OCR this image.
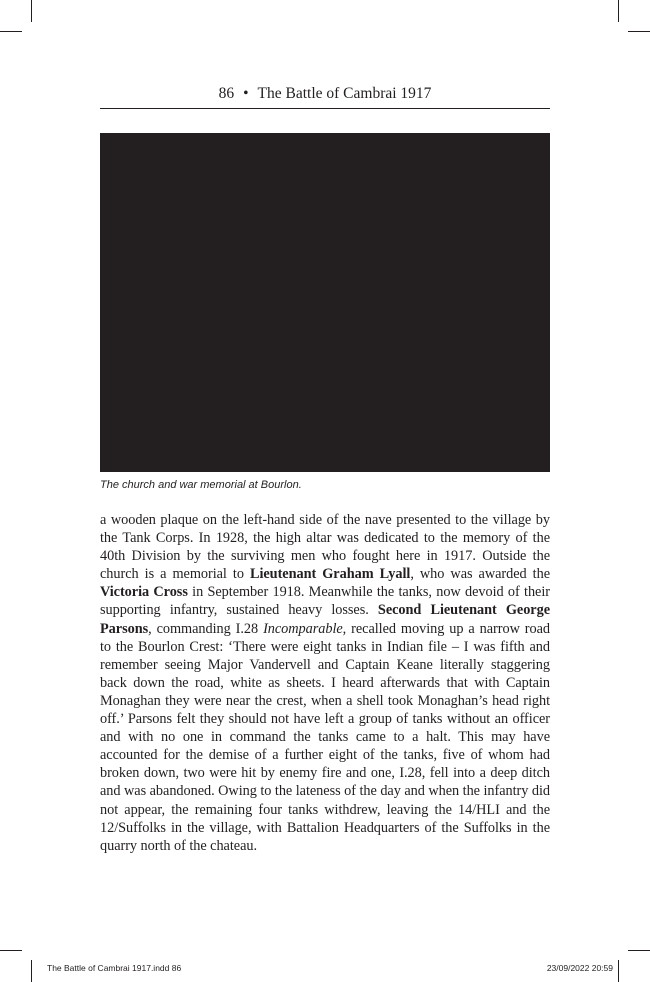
86 • The Battle of Cambrai 1917
The church and war memorial at Bourlon.
a wooden plaque on the left-hand side of the nave presented to the village by the Tank Corps. In 1928, the high altar was dedicated to the memory of the 40th Division by the surviving men who fought here in 1917. Outside the church is a memorial to Lieutenant Graham Lyall, who was awarded the Victoria Cross in September 1918. Meanwhile the tanks, now devoid of their supporting infantry, sustained heavy losses. Second Lieutenant George Parsons, commanding I.28 Incomparable, recalled moving up a narrow road to the Bourlon Crest: ‘There were eight tanks in Indian file – I was fifth and remember seeing Major Vandervell and Captain Keane literally staggering back down the road, white as sheets. I heard afterwards that with Captain Monaghan they were near the crest, when a shell took Monaghan’s head right off.’ Parsons felt they should not have left a group of tanks without an officer and with no one in command the tanks came to a halt. This may have accounted for the demise of a further eight of the tanks, five of whom had broken down, two were hit by enemy fire and one, I.28, fell into a deep ditch and was abandoned. Owing to the lateness of the day and when the infantry did not appear, the remaining four tanks withdrew, leaving the 14/HLI and the 12/Suffolks in the village, with Battalion Headquarters of the Suffolks in the quarry north of the chateau.
The Battle of Cambrai 1917.indd 86	23/09/2022 20:59
